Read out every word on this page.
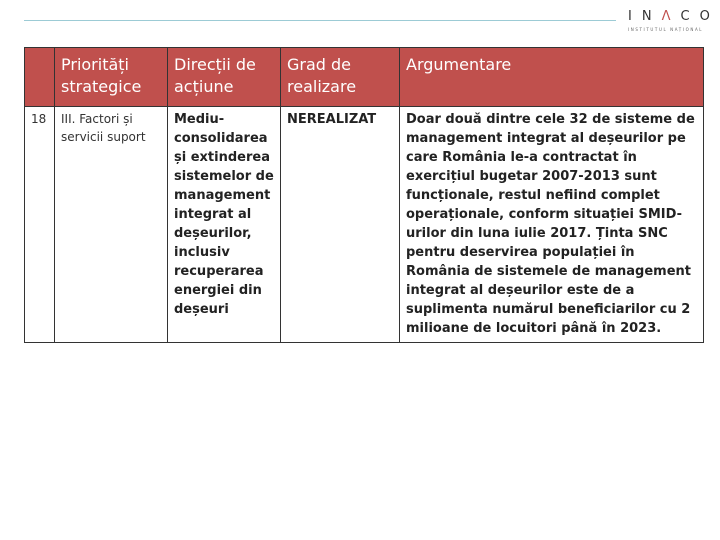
I N Λ C O
INSTITUTUL NAȚIONAL
	Priorități strategice	Direcții de acțiune	Grad de realizare	Argumentare
18	III. Factori și servicii suport	Mediu- consolidarea și extinderea sistemelor de management integrat al deșeurilor, inclusiv recuperarea energiei din deșeuri	NEREALIZAT	Doar două dintre cele 32 de sisteme de management integrat al deșeurilor pe care România le-a contractat în exercițiul bugetar 2007-2013 sunt funcționale, restul nefiind complet operaționale, conform situației SMID-urilor din luna iulie 2017. Ținta SNC pentru deservirea populației în România de sistemele de management integrat al deșeurilor este de a suplimenta numărul beneficiarilor cu 2 milioane de locuitori până în 2023.
